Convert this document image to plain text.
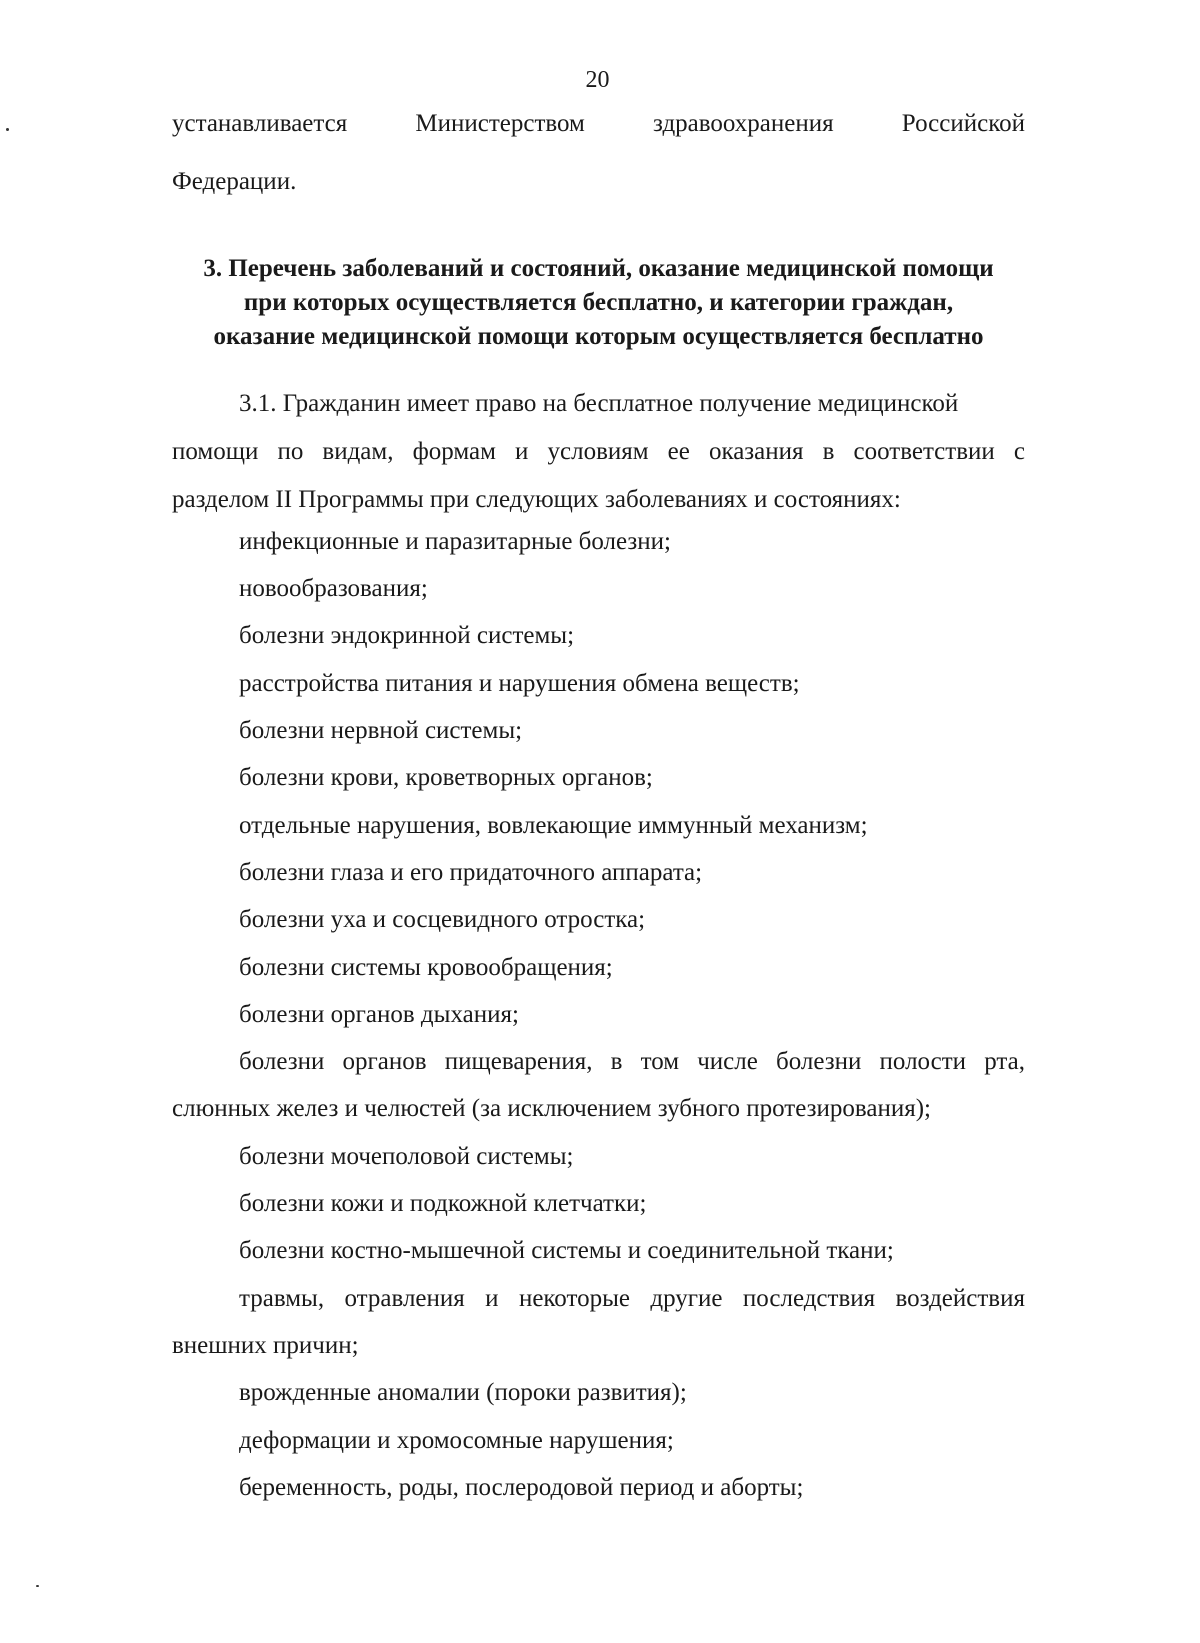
20
устанавливается	Министерством	здравоохранения	Российской
Федерации.
3. Перечень заболеваний и состояний, оказание медицинской помощи
при которых осуществляется бесплатно, и категории граждан,
оказание медицинской помощи которым осуществляется бесплатно
3.1. Гражданин имеет право на бесплатное получение медицинской
помощи по видам, формам и условиям ее оказания в соответствии с
разделом II Программы при следующих заболеваниях и состояниях:
инфекционные и паразитарные болезни;
новообразования;
болезни эндокринной системы;
расстройства питания и нарушения обмена веществ;
болезни нервной системы;
болезни крови, кроветворных органов;
отдельные нарушения, вовлекающие иммунный механизм;
болезни глаза и его придаточного аппарата;
болезни уха и сосцевидного отростка;
болезни системы кровообращения;
болезни органов дыхания;
болезни органов пищеварения, в том числе болезни полости рта,
слюнных желез и челюстей (за исключением зубного протезирования);
болезни мочеполовой системы;
болезни кожи и подкожной клетчатки;
болезни костно-мышечной системы и соединительной ткани;
травмы, отравления и некоторые другие последствия воздействия
внешних причин;
врожденные аномалии (пороки развития);
деформации и хромосомные нарушения;
беременность, роды, послеродовой период и аборты;
